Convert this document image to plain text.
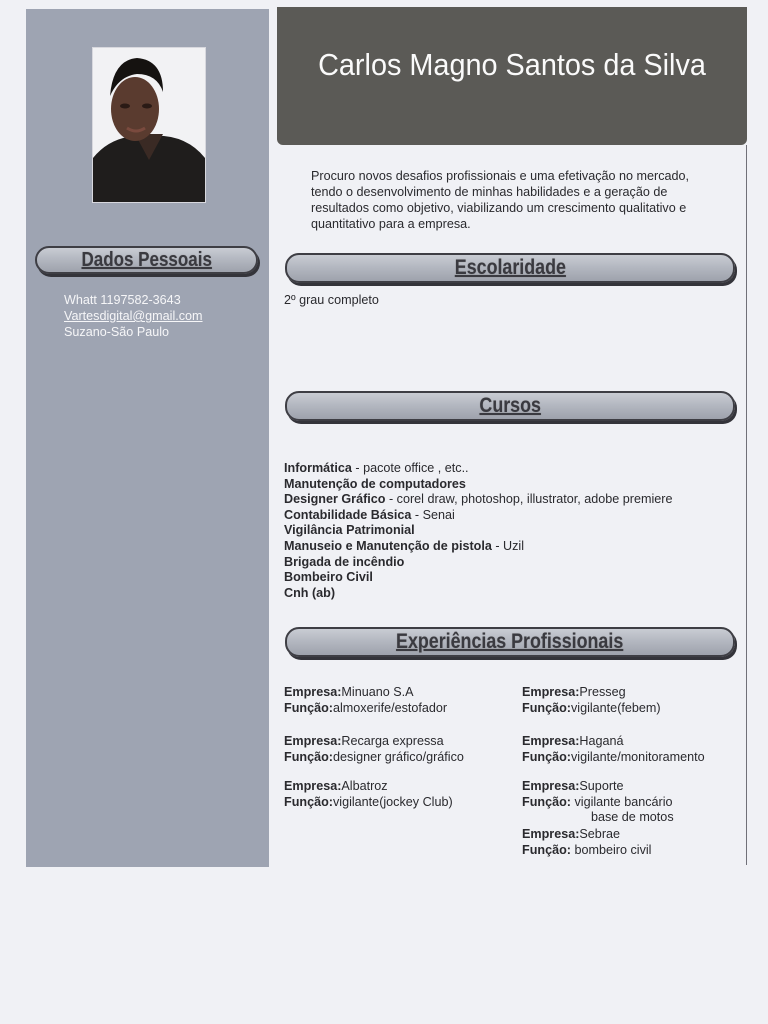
Carlos Magno Santos da Silva
Procuro novos desafios profissionais e uma efetivação no mercado, tendo o desenvolvimento de minhas habilidades e a geração de resultados como objetivo, viabilizando um crescimento qualitativo e quantitativo para a empresa.
Dados Pessoais
Whatt 1197582-3643
Vartesdigital@gmail.com
Suzano-São Paulo
Escolaridade
2º grau completo
Cursos
Informática - pacote office , etc..
Manutenção de computadores
Designer Gráfico - corel draw, photoshop, illustrator, adobe premiere
Contabilidade Básica - Senai
Vigilância Patrimonial
Manuseio e Manutenção de pistola - Uzil
Brigada de incêndio
Bombeiro Civil
Cnh (ab)
Experiências Profissionais
Empresa:Minuano S.A
Função:almoxerife/estofador
Empresa:Recarga expressa
Função:designer gráfico/gráfico
Empresa:Albatroz
Função:vigilante(jockey Club)
Empresa:Presseg
Função:vigilante(febem)
Empresa:Haganá
Função:vigilante/monitoramento
Empresa:Suporte
Função: vigilante bancário
base de motos
Empresa:Sebrae
Função: bombeiro civil
